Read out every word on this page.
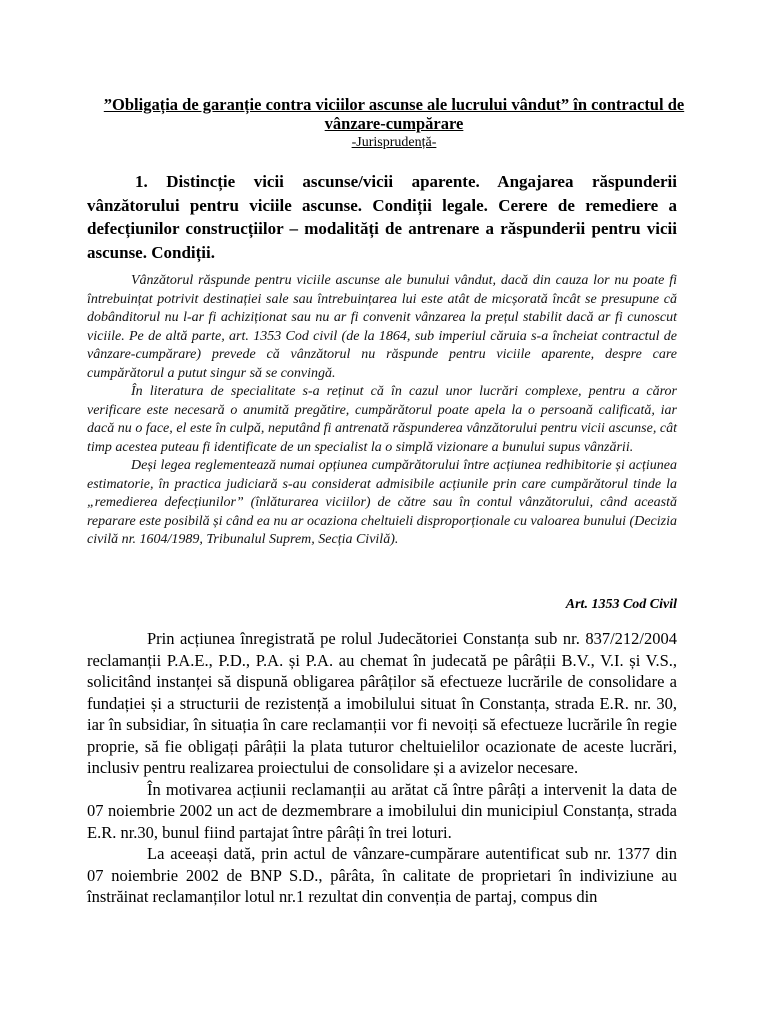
”Obligația de garanție contra viciilor ascunse ale lucrului vândut” în contractul de vânzare-cumpărare
-Jurisprudență-
1. Distincție vicii ascunse/vicii aparente. Angajarea răspunderii vânzătorului pentru viciile ascunse. Condiții legale. Cerere de remediere a defecțiunilor construcțiilor – modalități de antrenare a răspunderii pentru vicii ascunse. Condiții.

Vânzătorul răspunde pentru viciile ascunse ale bunului vândut, dacă din cauza lor nu poate fi întrebuințat potrivit destinației sale sau întrebuințarea lui este atât de micșorată încât se presupune că dobânditorul nu l-ar fi achiziționat sau nu ar fi convenit vânzarea la prețul stabilit dacă ar fi cunoscut viciile. Pe de altă parte, art. 1353 Cod civil (de la 1864, sub imperiul căruia s-a încheiat contractul de vânzare-cumpărare) prevede că vânzătorul nu răspunde pentru viciile aparente, despre care cumpărătorul a putut singur să se convingă.

În literatura de specialitate s-a reținut că în cazul unor lucrări complexe, pentru a căror verificare este necesară o anumită pregătire, cumpărătorul poate apela la o persoană calificată, iar dacă nu o face, el este în culpă, neputând fi antrenată răspunderea vânzătorului pentru vicii ascunse, cât timp acestea puteau fi identificate de un specialist la o simplă vizionare a bunului supus vânzării.

Deși legea reglementează numai opțiunea cumpărătorului între acțiunea redhibitorie și acțiunea estimatorie, în practica judiciară s-au considerat admisibile acțiunile prin care cumpărătorul tinde la „remedierea defecțiunilor” (înlăturarea viciilor) de către sau în contul vânzătorului, când această reparare este posibilă și când ea nu ar ocaziona cheltuieli disproporționale cu valoarea bunului (Decizia civilă nr. 1604/1989, Tribunalul Suprem, Secția Civilă).

Art. 1353 Cod Civil

Prin acțiunea înregistrată pe rolul Judecătoriei Constanța sub nr. 837/212/2004 reclamanții P.A.E., P.D., P.A. și P.A. au chemat în judecată pe pârâții B.V., V.I. și V.S., solicitând instanței să dispună obligarea pârâților să efectueze lucrările de consolidare a fundației și a structurii de rezistență a imobilului situat în Constanța, strada E.R. nr. 30, iar în subsidiar, în situația în care reclamanții vor fi nevoiți să efectueze lucrările în regie proprie, să fie obligați pârâții la plata tuturor cheltuielilor ocazionate de aceste lucrări, inclusiv pentru realizarea proiectului de consolidare și a avizelor necesare.

În motivarea acțiunii reclamanții au arătat că între pârâți a intervenit la data de 07 noiembrie 2002 un act de dezmembrare a imobilului din municipiul Constanța, strada E.R. nr.30, bunul fiind partajat între pârâți în trei loturi.

La aceeași dată, prin actul de vânzare-cumpărare autentificat sub nr. 1377 din 07 noiembrie 2002 de BNP S.D., pârâta, în calitate de proprietari în indiviziune au înstrăinat reclamanților lotul nr.1 rezultat din convenția de partaj, compus din
